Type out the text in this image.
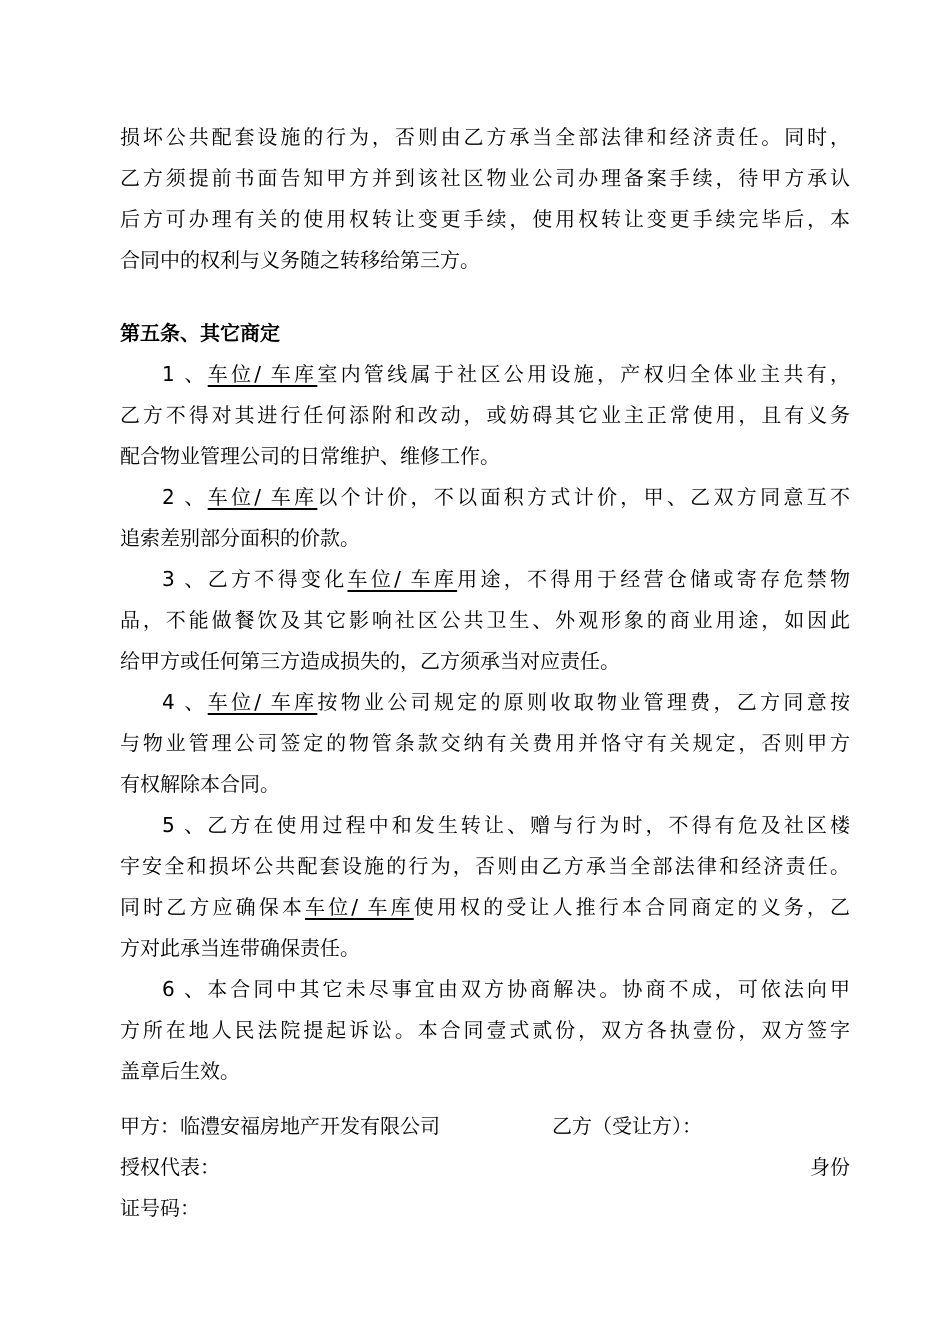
损坏公共配套设施的行为，否则由乙方承当全部法律和经济责任。同时，
乙方须提前书面告知甲方并到该社区物业公司办理备案手续，待甲方承认
后方可办理有关的使用权转让变更手续，使用权转让变更手续完毕后，本
合同中的权利与义务随之转移给第三方。
第五条、其它商定
1 、车位/ 车库室内管线属于社区公用设施，产权归全体业主共有，
乙方不得对其进行任何添附和改动，或妨碍其它业主正常使用，且有义务
配合物业管理公司的日常维护、维修工作。
2 、车位/ 车库以个计价，不以面积方式计价，甲、乙双方同意互不
追索差别部分面积的价款。
3 、乙方不得变化车位/ 车库用途，不得用于经营仓储或寄存危禁物
品，不能做餐饮及其它影响社区公共卫生、外观形象的商业用途，如因此
给甲方或任何第三方造成损失的，乙方须承当对应责任。
4 、车位/ 车库按物业公司规定的原则收取物业管理费，乙方同意按
与物业管理公司签定的物管条款交纳有关费用并恪守有关规定，否则甲方
有权解除本合同。
5 、乙方在使用过程中和发生转让、赠与行为时，不得有危及社区楼
宇安全和损坏公共配套设施的行为，否则由乙方承当全部法律和经济责任。
同时乙方应确保本车位/ 车库使用权的受让人推行本合同商定的义务，乙
方对此承当连带确保责任。
6 、本合同中其它未尽事宜由双方协商解决。协商不成，可依法向甲
方所在地人民法院提起诉讼。本合同壹式贰份，双方各执壹份，双方签字
盖章后生效。
甲方：临澧安福房地产开发有限公司	乙方（受让方）：
授权代表：	身份
证号码：
